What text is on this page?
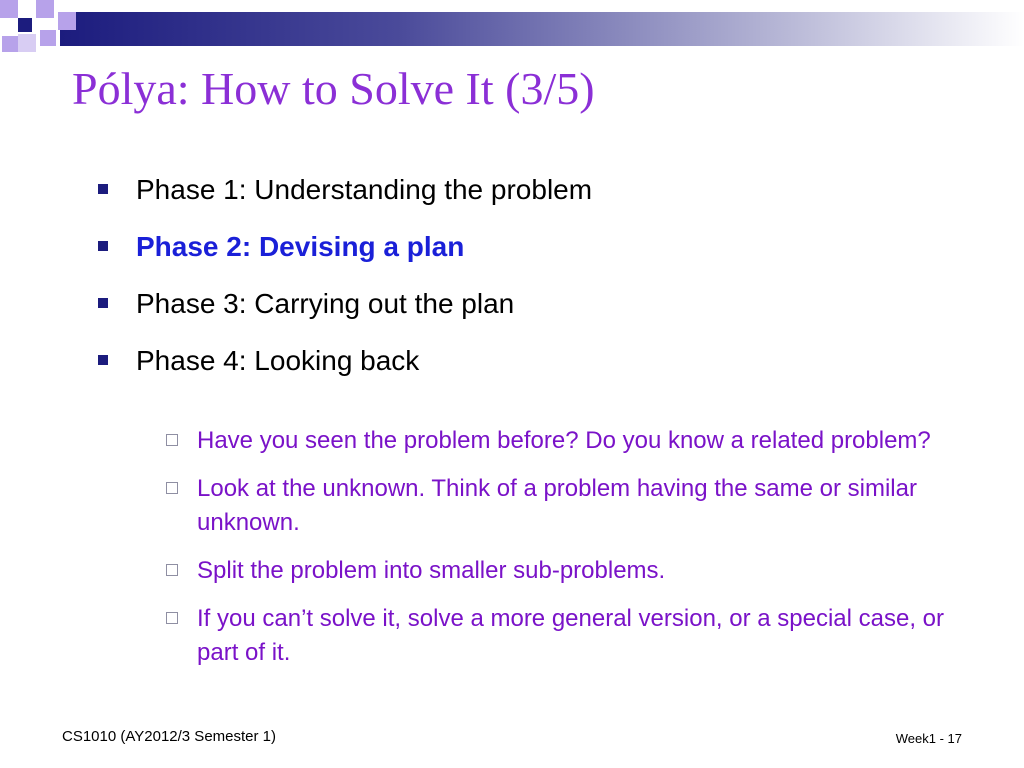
Pólya: How to Solve It (3/5)
Phase 1: Understanding the problem
Phase 2: Devising a plan
Phase 3: Carrying out the plan
Phase 4: Looking back
Have you seen the problem before? Do you know a related problem?
Look at the unknown. Think of a problem having the same or similar unknown.
Split the problem into smaller sub-problems.
If you can’t solve it, solve a more general version, or a special case, or part of it.
CS1010 (AY2012/3 Semester 1)	Week1 - 17
